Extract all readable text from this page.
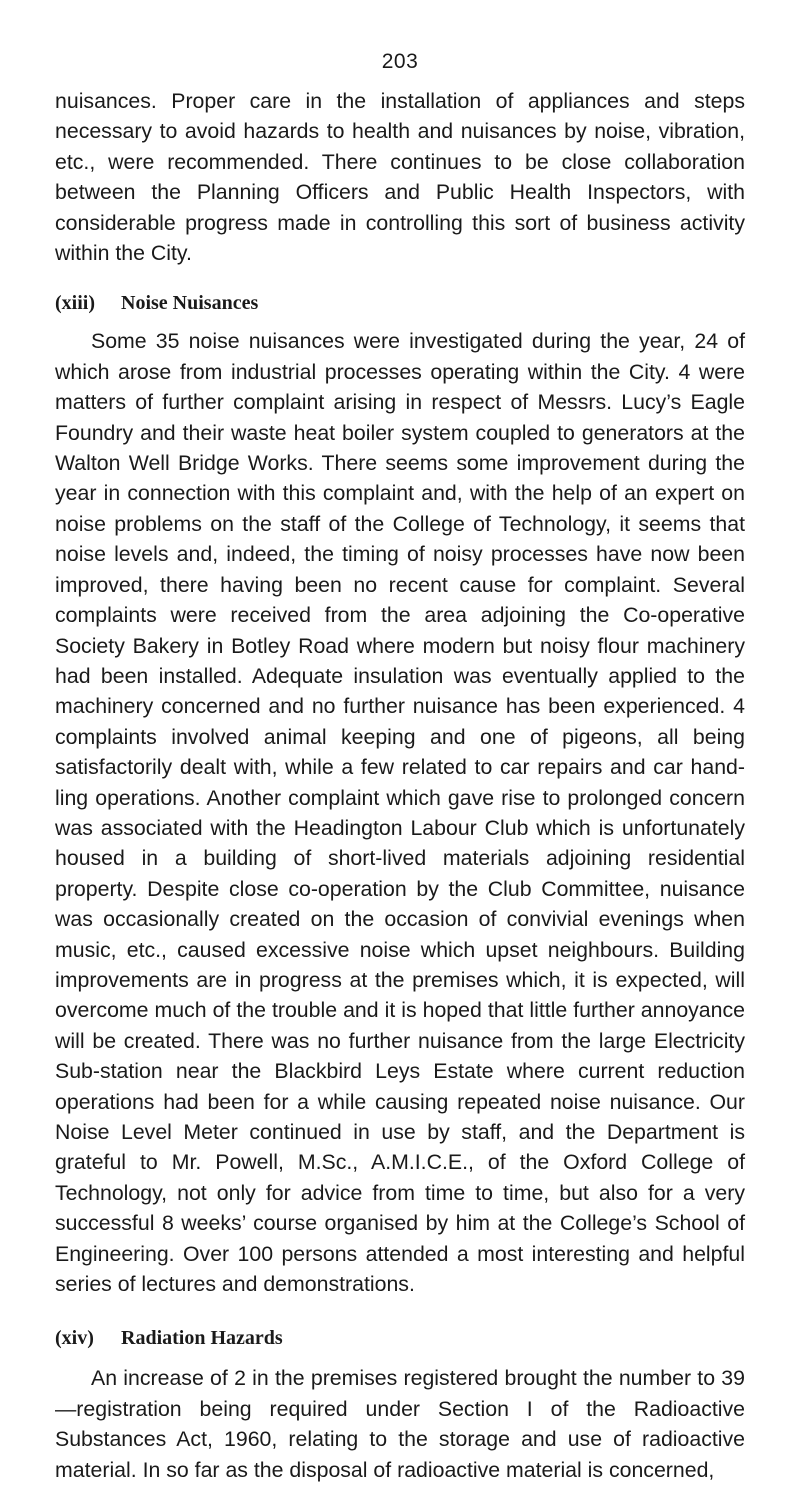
203

nuisances. Proper care in the installation of appliances and steps necessary to avoid hazards to health and nuisances by noise, vibration, etc., were recommended. There continues to be close collaboration between the Planning Officers and Public Health Inspectors, with considerable progress made in controlling this sort of business activity within the City.

(xiii) Noise Nuisances

Some 35 noise nuisances were investigated during the year, 24 of which arose from industrial processes operating within the City. 4 were matters of further complaint arising in respect of Messrs. Lucy’s Eagle Foundry and their waste heat boiler system coupled to generators at the Walton Well Bridge Works. There seems some improvement during the year in connection with this complaint and, with the help of an expert on noise problems on the staff of the College of Technology, it seems that noise levels and, indeed, the timing of noisy processes have now been improved, there having been no recent cause for complaint. Several complaints were received from the area adjoining the Co-operative Society Bakery in Botley Road where modern but noisy flour machinery had been installed. Adequate insulation was eventually applied to the machinery concerned and no further nuisance has been experienced. 4 complaints involved animal keeping and one of pigeons, all being satisfactorily dealt with, while a few related to car repairs and car handling operations. Another complaint which gave rise to prolonged concern was associated with the Headington Labour Club which is unfortunately housed in a building of short-lived materials adjoining residential property. Despite close co-operation by the Club Committee, nuisance was occasionally created on the occasion of convivial evenings when music, etc., caused excessive noise which upset neighbours. Building improvements are in progress at the premises which, it is expected, will overcome much of the trouble and it is hoped that little further annoyance will be created. There was no further nuisance from the large Electricity Sub-station near the Blackbird Leys Estate where current reduction operations had been for a while causing repeated noise nuisance. Our Noise Level Meter continued in use by staff, and the Department is grateful to Mr. Powell, M.Sc., A.M.I.C.E., of the Oxford College of Technology, not only for advice from time to time, but also for a very successful 8 weeks’ course organised by him at the College’s School of Engineering. Over 100 persons attended a most interesting and helpful series of lectures and demonstrations.

(xiv) Radiation Hazards

An increase of 2 in the premises registered brought the number to 39—registration being required under Section I of the Radioactive Substances Act, 1960, relating to the storage and use of radioactive material. In so far as the disposal of radioactive material is concerned,
